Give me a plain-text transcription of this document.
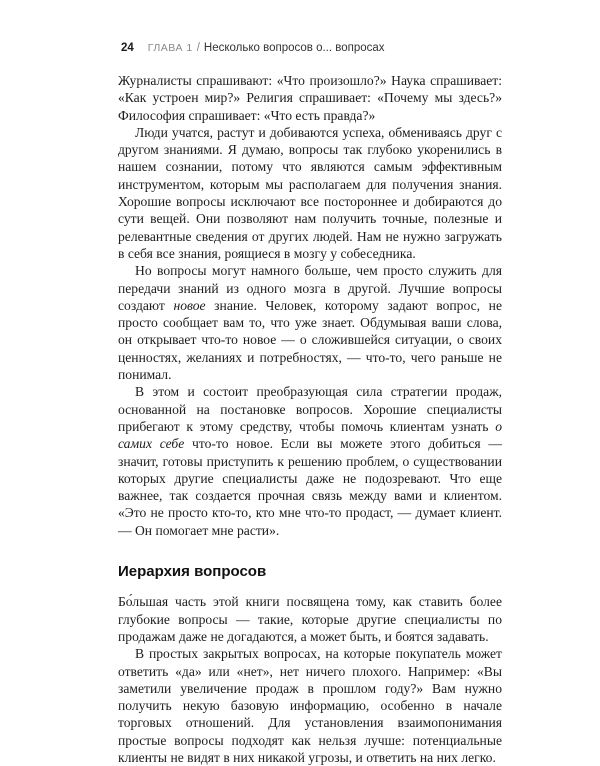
24 ГЛАВА 1 / Несколько вопросов о... вопросах

Журналисты спрашивают: «Что произошло?» Наука спрашивает: «Как устроен мир?» Религия спрашивает: «Почему мы здесь?» Философия спрашивает: «Что есть правда?»

Люди учатся, растут и добиваются успеха, обмениваясь друг с другом знаниями. Я думаю, вопросы так глубоко укоренились в нашем сознании, потому что являются самым эффективным инструментом, которым мы располагаем для получения знания. Хорошие вопросы исключают все постороннее и добираются до сути вещей. Они позволяют нам получить точные, полезные и релевантные сведения от других людей. Нам не нужно загружать в себя все знания, роящиеся в мозгу у собеседника.

Но вопросы могут намного больше, чем просто служить для передачи знаний из одного мозга в другой. Лучшие вопросы создают новое знание. Человек, которому задают вопрос, не просто сообщает вам то, что уже знает. Обдумывая ваши слова, он открывает что-то новое — о сложившейся ситуации, о своих ценностях, желаниях и потребностях, — что-то, чего раньше не понимал.

В этом и состоит преобразующая сила стратегии продаж, основанной на постановке вопросов. Хорошие специалисты прибегают к этому средству, чтобы помочь клиентам узнать о самих себе что-то новое. Если вы можете этого добиться — значит, готовы приступить к решению проблем, о существовании которых другие специалисты даже не подозревают. Что еще важнее, так создается прочная связь между вами и клиентом. «Это не просто кто-то, кто мне что-то продаст, — думает клиент. — Он помогает мне расти».

Иерархия вопросов

Бо́льшая часть этой книги посвящена тому, как ставить более глубокие вопросы — такие, которые другие специалисты по продажам даже не догадаются, а может быть, и боятся задавать.

В простых закрытых вопросах, на которые покупатель может ответить «да» или «нет», нет ничего плохого. Например: «Вы заметили увеличение продаж в прошлом году?» Вам нужно получить некую базовую информацию, особенно в начале торговых отношений. Для установления взаимопонимания простые вопросы подходят как нельзя лучше: потенциальные клиенты не видят в них никакой угрозы, и ответить на них легко.
